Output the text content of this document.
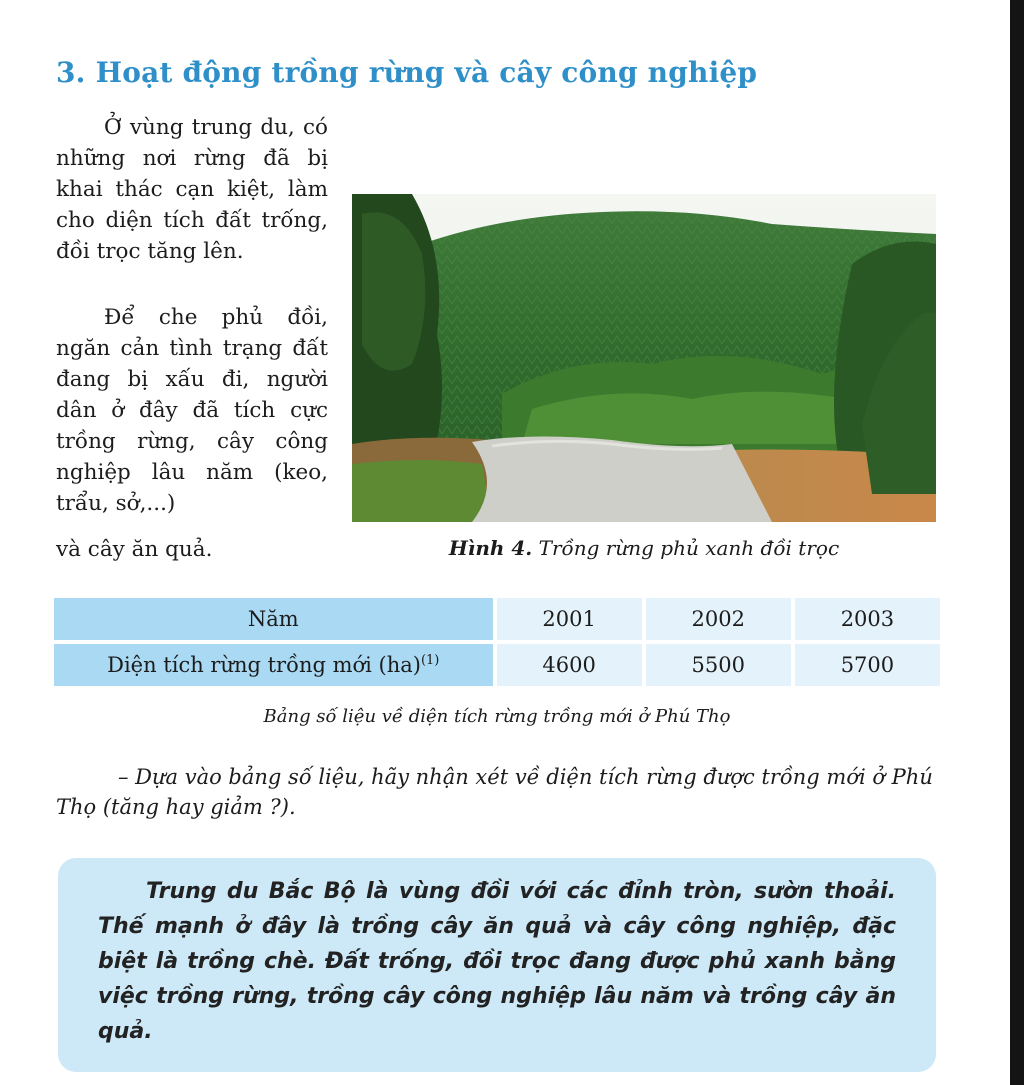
3. Hoạt động trồng rừng và cây công nghiệp

Ở vùng trung du, có những nơi rừng đã bị khai thác cạn kiệt, làm cho diện tích đất trống, đồi trọc tăng lên.

Để che phủ đồi, ngăn cản tình trạng đất đang bị xấu đi, người dân ở đây đã tích cực trồng rừng, cây công nghiệp lâu năm (keo, trẩu, sở,...)

và cây ăn quả.	Hình 4. Trồng rừng phủ xanh đồi trọc
Năm	2001	2002	2003
Diện tích rừng trồng mới (ha)$^{(1)}$	4600	5500	5700
Bảng số liệu về diện tích rừng trồng mới ở Phú Thọ

– Dựa vào bảng số liệu, hãy nhận xét về diện tích rừng được trồng mới ở Phú Thọ (tăng hay giảm ?).

Trung du Bắc Bộ là vùng đồi với các đỉnh tròn, sườn thoải. Thế mạnh ở đây là trồng cây ăn quả và cây công nghiệp, đặc biệt là trồng chè. Đất trống, đồi trọc đang được phủ xanh bằng việc trồng rừng, trồng cây công nghiệp lâu năm và trồng cây ăn quả.
